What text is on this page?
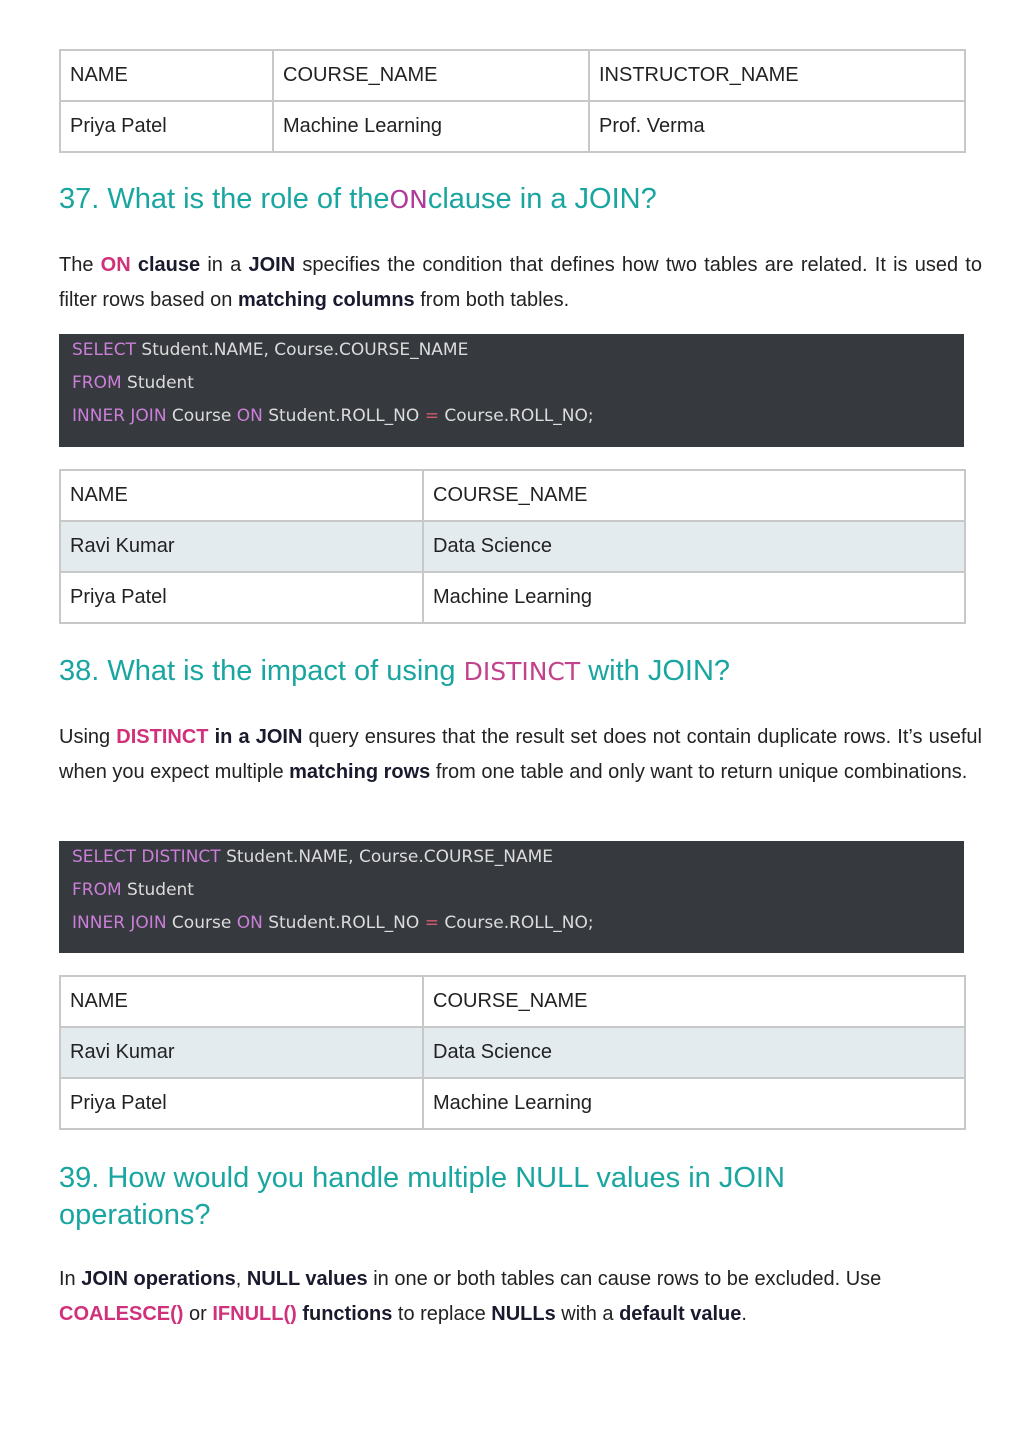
NAME	COURSE_NAME	INSTRUCTOR_NAME
Priya Patel	Machine Learning	Prof. Verma
37. What is the role of theONclause in a JOIN?

The ON clause in a JOIN specifies the condition that defines how two tables are related. It is used to filter rows based on matching columns from both tables.

SELECT Student.NAME, Course.COURSE_NAME
FROM Student
INNER JOIN Course ON Student.ROLL_NO = Course.ROLL_NO;
NAME	COURSE_NAME
Ravi Kumar	Data Science
Priya Patel	Machine Learning
38. What is the impact of using DISTINCT with JOIN?

Using DISTINCT in a JOIN query ensures that the result set does not contain duplicate rows. It’s useful when you expect multiple matching rows from one table and only want to return unique combinations.

SELECT DISTINCT Student.NAME, Course.COURSE_NAME
FROM Student
INNER JOIN Course ON Student.ROLL_NO = Course.ROLL_NO;
NAME	COURSE_NAME
Ravi Kumar	Data Science
Priya Patel	Machine Learning
39. How would you handle multiple NULL values in JOIN
operations?

In JOIN operations, NULL values in one or both tables can cause rows to be excluded. Use COALESCE() or IFNULL() functions to replace NULLs with a default value.
